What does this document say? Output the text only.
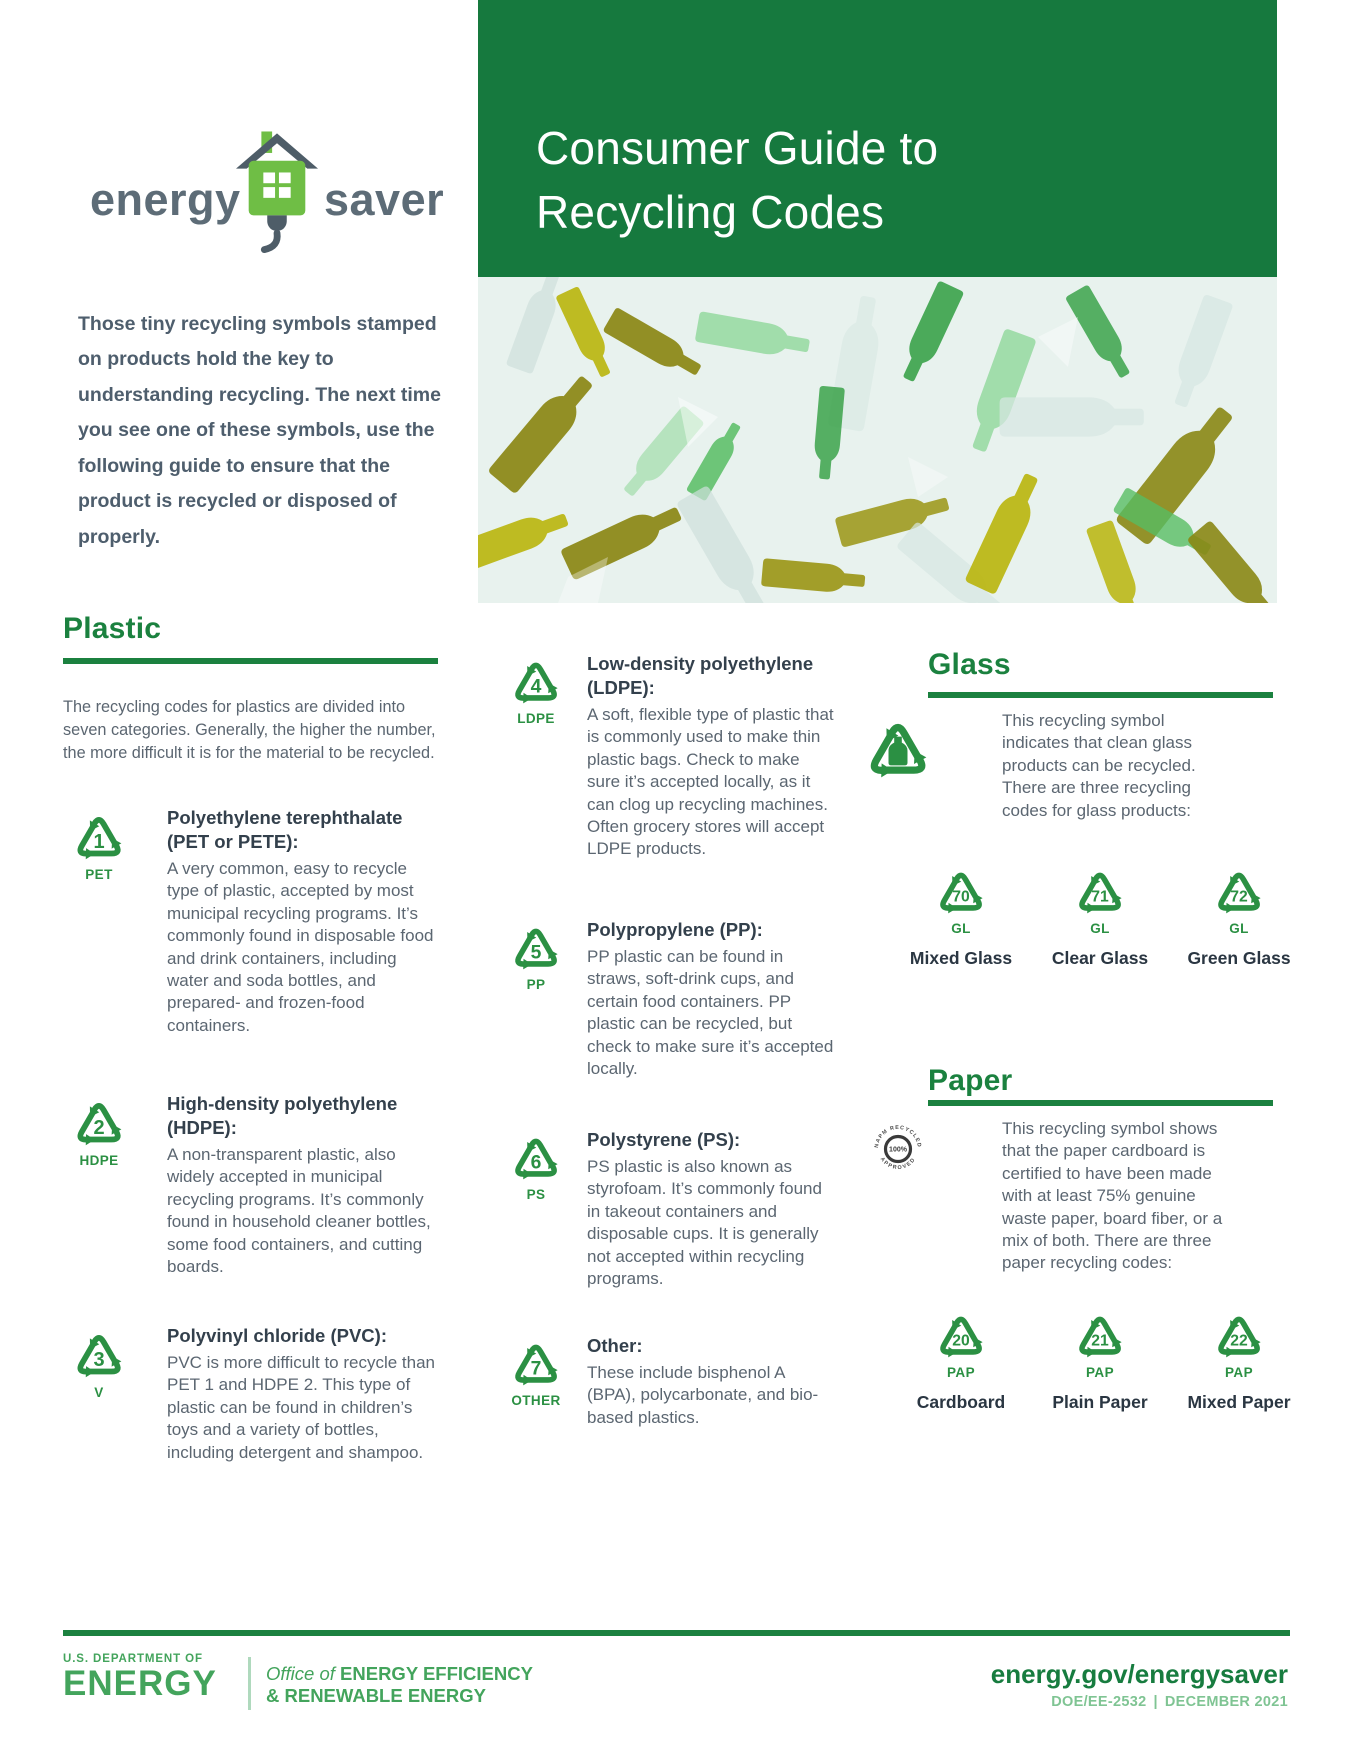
Consumer Guide to
Recycling Codes
energy saver

Those tiny recycling symbols stamped on products hold the key to understanding recycling. The next time you see one of these symbols, use the following guide to ensure that the product is recycled or disposed of properly.

Plastic

The recycling codes for plastics are divided into seven categories. Generally, the higher the number, the more difficult it is for the material to be recycled.

1
PET
Polyethylene terephthalate (PET or PETE):

A very common, easy to recycle type of plastic, accepted by most municipal recycling programs. It’s commonly found in disposable food and drink containers, including water and soda bottles, and prepared- and frozen-food containers.

2
HDPE
High-density polyethylene (HDPE):

A non-transparent plastic, also widely accepted in municipal recycling programs. It’s commonly found in household cleaner bottles, some food containers, and cutting boards.

3
V
Polyvinyl chloride (PVC):

PVC is more difficult to recycle than PET 1 and HDPE 2. This type of plastic can be found in children’s toys and a variety of bottles, including detergent and shampoo.

4
LDPE
Low-density polyethylene (LDPE):

A soft, flexible type of plastic that is commonly used to make thin plastic bags. Check to make sure it’s accepted locally, as it can clog up recycling machines. Often grocery stores will accept LDPE products.

5
PP
Polypropylene (PP):

PP plastic can be found in straws, soft-drink cups, and certain food containers. PP plastic can be recycled, but check to make sure it’s accepted locally.

6
PS
Polystyrene (PS):

PS plastic is also known as styrofoam. It’s commonly found in takeout containers and disposable cups. It is generally not accepted within recycling programs.

7
OTHER
Other:

These include bisphenol A (BPA), polycarbonate, and bio-based plastics.

Glass

This recycling symbol indicates that clean glass products can be recycled. There are three recycling codes for glass products:

70
GL
Mixed Glass
71
GL
Clear Glass
72
GL
Green Glass
Paper
100%
NAPM RECYCLED
APPROVED

This recycling symbol shows that the paper cardboard is certified to have been made with at least 75% genuine waste paper, board fiber, or a mix of both. There are three paper recycling codes:

20
PAP
Cardboard
21
PAP
Plain Paper
22
PAP
Mixed Paper
U.S. DEPARTMENT OF
ENERGY	Office of ENERGY EFFICIENCY
& RENEWABLE ENERGY
energy.gov/energysaver
DOE/EE-2532 | DECEMBER 2021
